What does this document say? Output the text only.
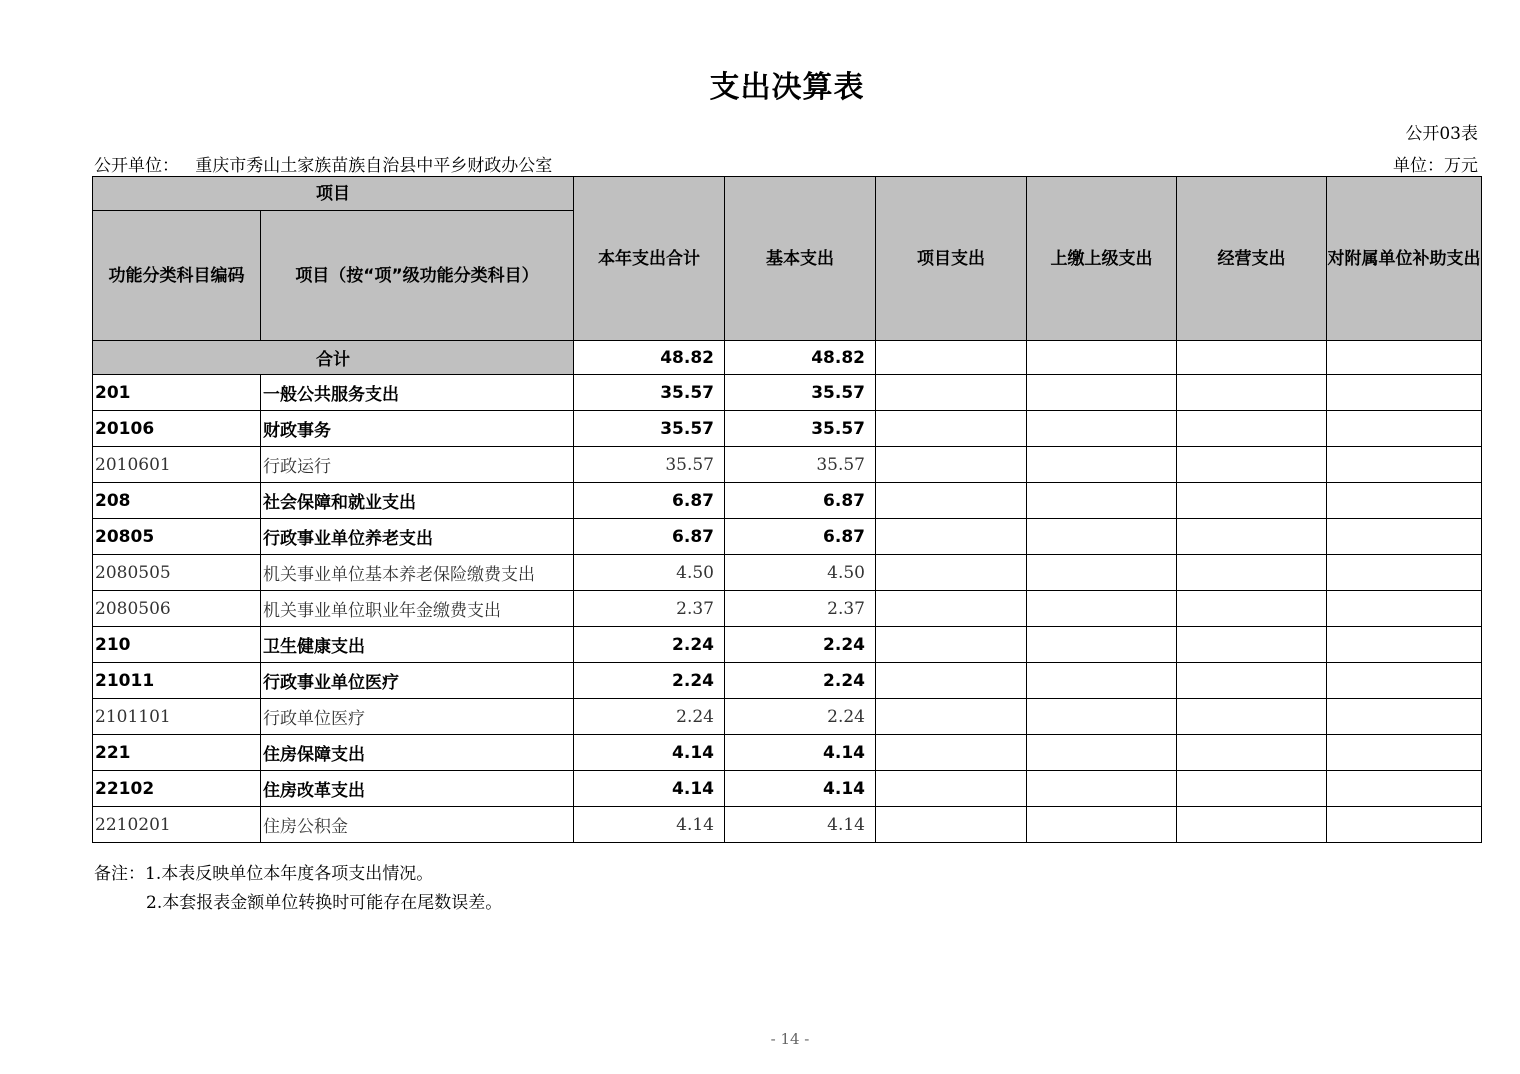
支出决算表
公开03表
公开单位：   重庆市秀山土家族苗族自治县中平乡财政办公室	单位：万元
项目		本年支出合计	基本支出	项目支出	上缴上级支出	经营支出	对附属单位补助支出
功能分类科目编码	项目（按“项”级功能分类科目）						
合计		48.82	48.82				
201	一般公共服务支出	35.57	35.57				
20106	财政事务	35.57	35.57				
2010601	行政运行	35.57	35.57				
208	社会保障和就业支出	6.87	6.87				
20805	行政事业单位养老支出	6.87	6.87				
2080505	机关事业单位基本养老保险缴费支出	4.50	4.50				
2080506	机关事业单位职业年金缴费支出	2.37	2.37				
210	卫生健康支出	2.24	2.24				
21011	行政事业单位医疗	2.24	2.24				
2101101	行政单位医疗	2.24	2.24				
221	住房保障支出	4.14	4.14				
22102	住房改革支出	4.14	4.14				
2210201	住房公积金	4.14	4.14				
备注：1.本表反映单位本年度各项支出情况。
2.本套报表金额单位转换时可能存在尾数误差。
- 14 -
